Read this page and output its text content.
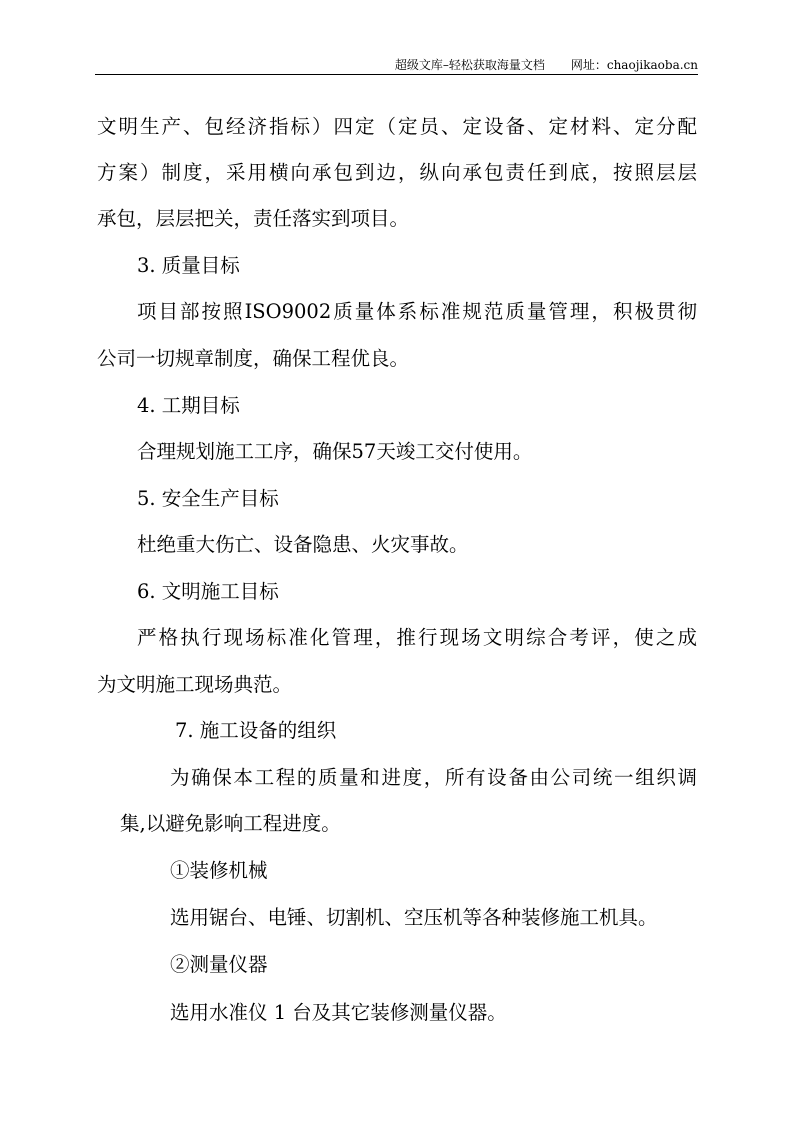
超级文库–轻松获取海量文档 网址：chaojikaoba.cn
文明生产、包经济指标）四定（定员、定设备、定材料、定分配
方案）制度，采用横向承包到边，纵向承包责任到底，按照层层
承包，层层把关，责任落实到项目。
3. 质量目标
项目部按照ISO9002质量体系标准规范质量管理，积极贯彻
公司一切规章制度，确保工程优良。
4. 工期目标
合理规划施工工序，确保57天竣工交付使用。
5. 安全生产目标
杜绝重大伤亡、设备隐患、火灾事故。
6. 文明施工目标
严格执行现场标准化管理，推行现场文明综合考评，使之成
为文明施工现场典范。
7. 施工设备的组织
为确保本工程的质量和进度，所有设备由公司统一组织调
集,以避免影响工程进度。
①装修机械
选用锯台、电锤、切割机、空压机等各种装修施工机具。
②测量仪器
选用水准仪 1 台及其它装修测量仪器。
